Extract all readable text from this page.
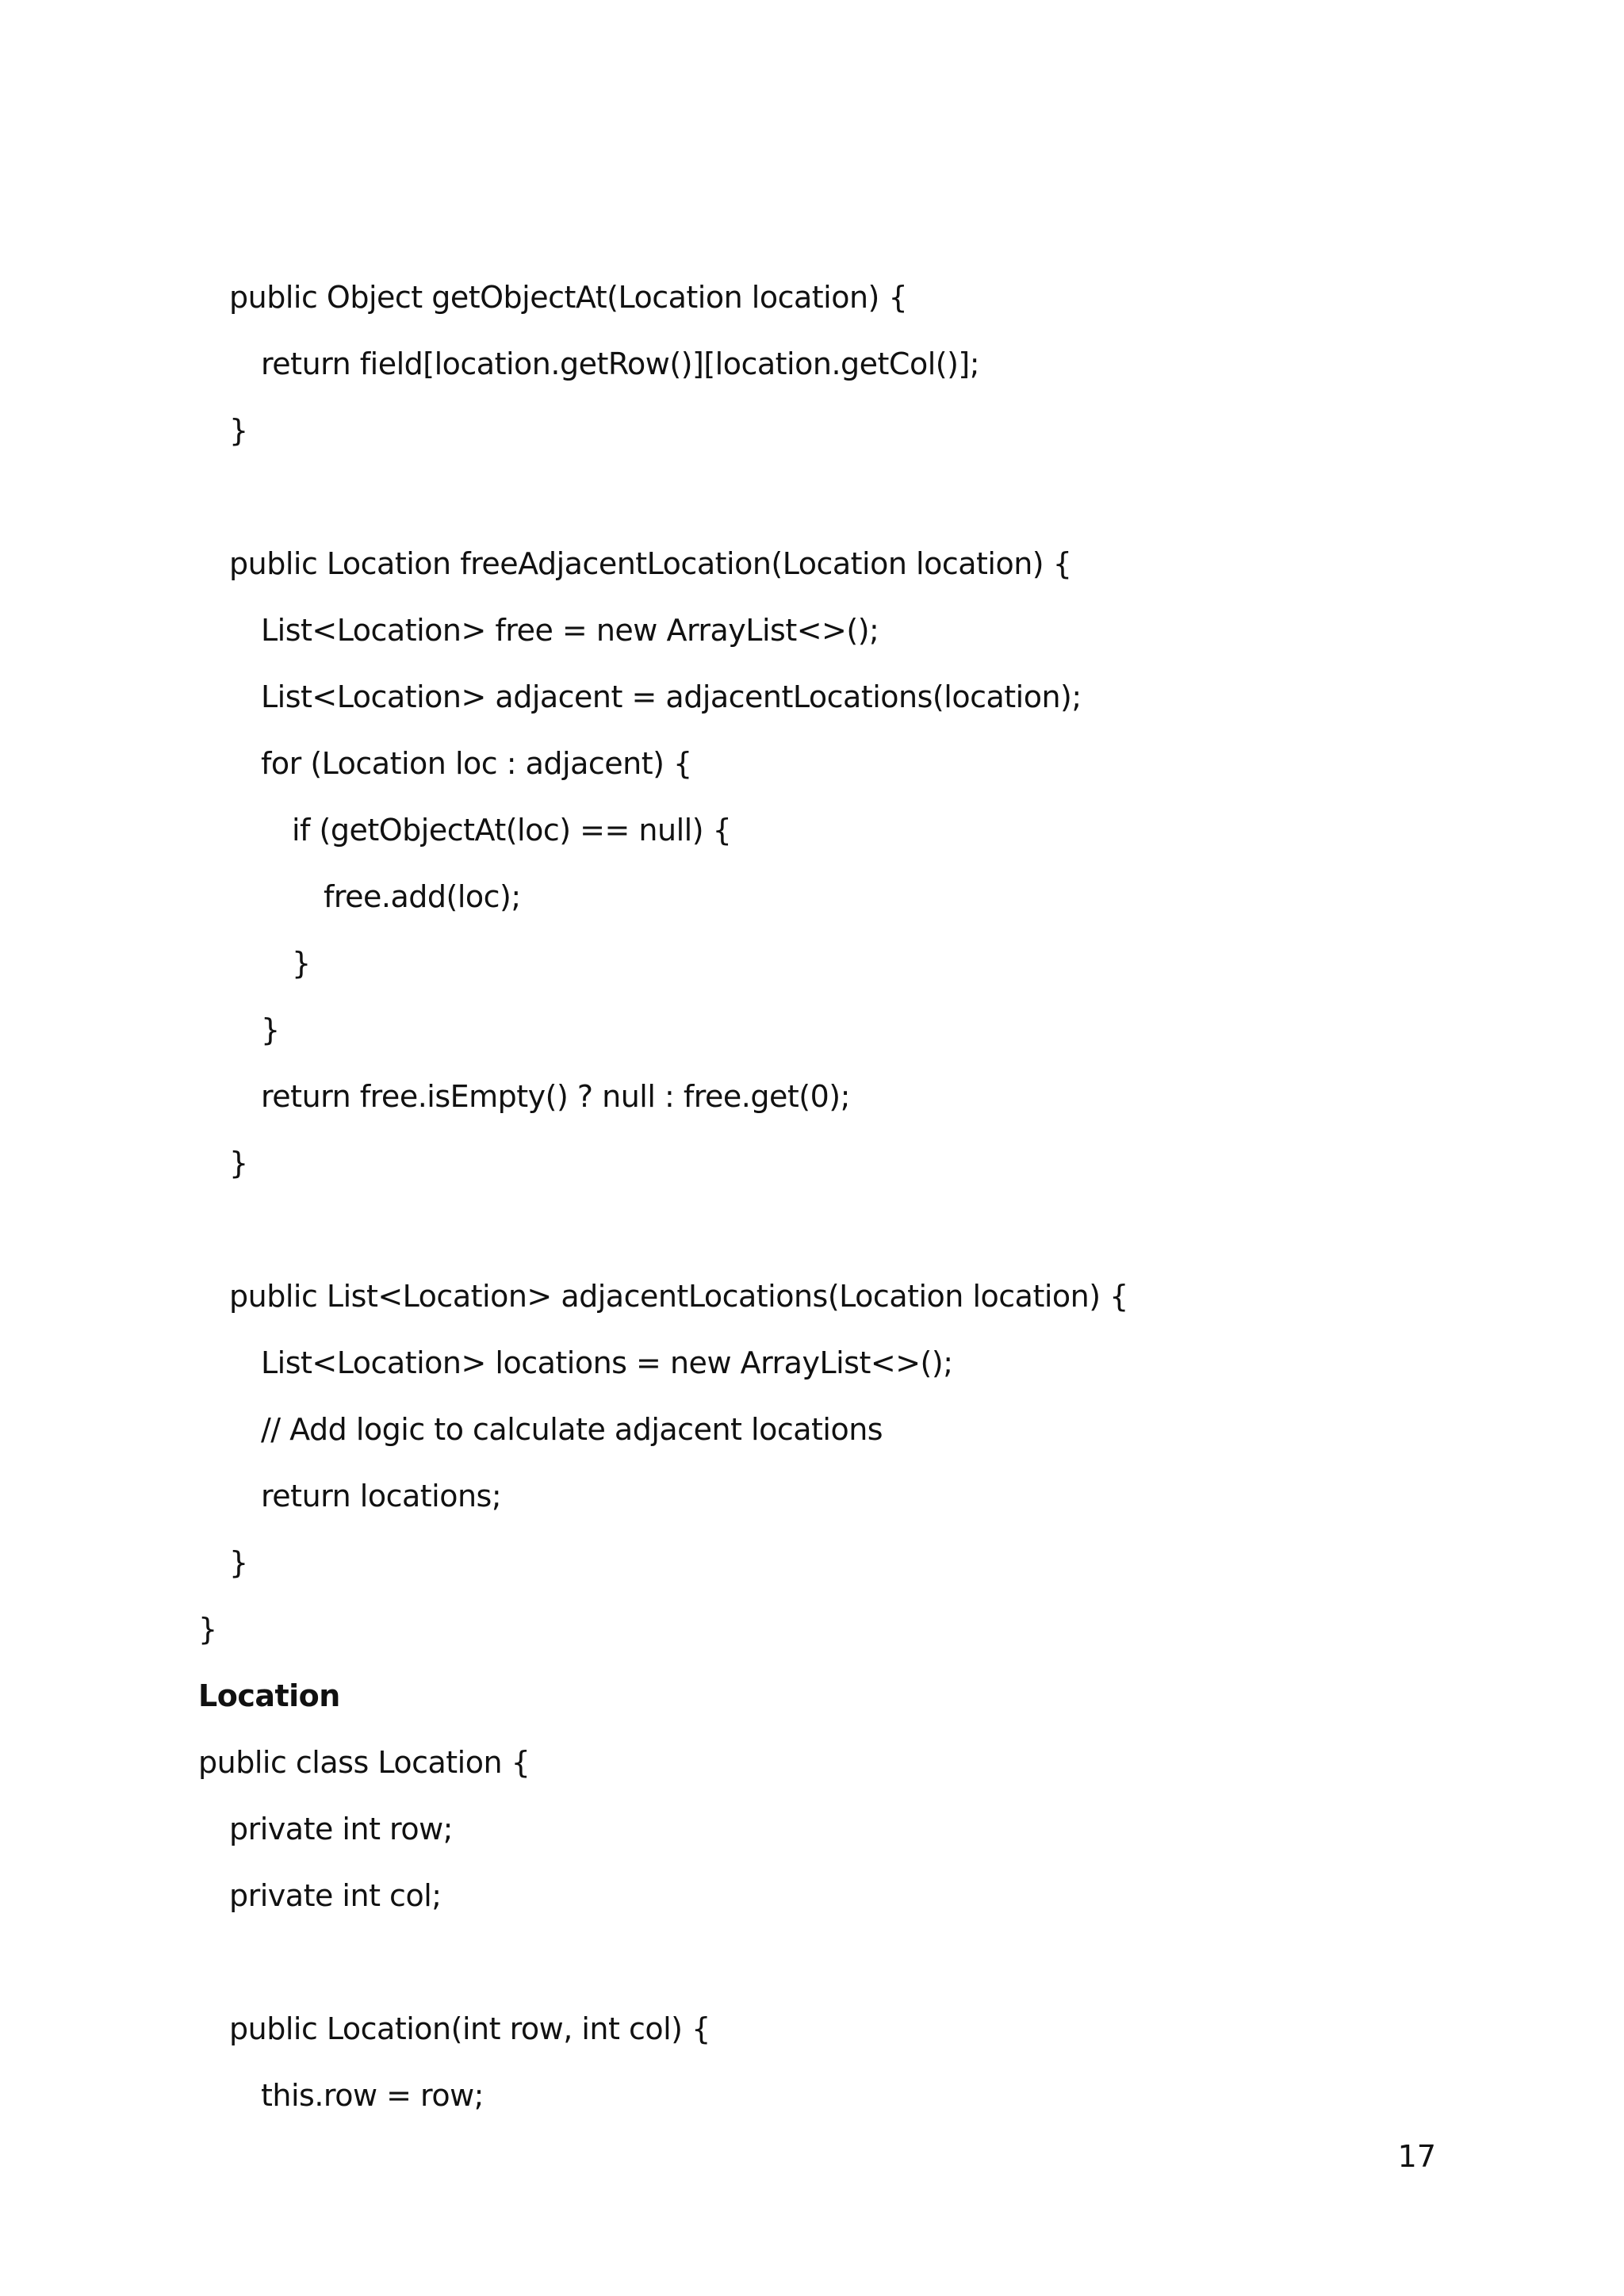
public Object getObjectAt(Location location) {
return field[location.getRow()][location.getCol()];
}
public Location freeAdjacentLocation(Location location) {
List<Location> free = new ArrayList<>();
List<Location> adjacent = adjacentLocations(location);
for (Location loc : adjacent) {
if (getObjectAt(loc) == null) {
free.add(loc);
}
}
return free.isEmpty() ? null : free.get(0);
}
public List<Location> adjacentLocations(Location location) {
List<Location> locations = new ArrayList<>();
// Add logic to calculate adjacent locations
return locations;
}
}
Location
public class Location {
private int row;
private int col;
public Location(int row, int col) {
this.row = row;
17
